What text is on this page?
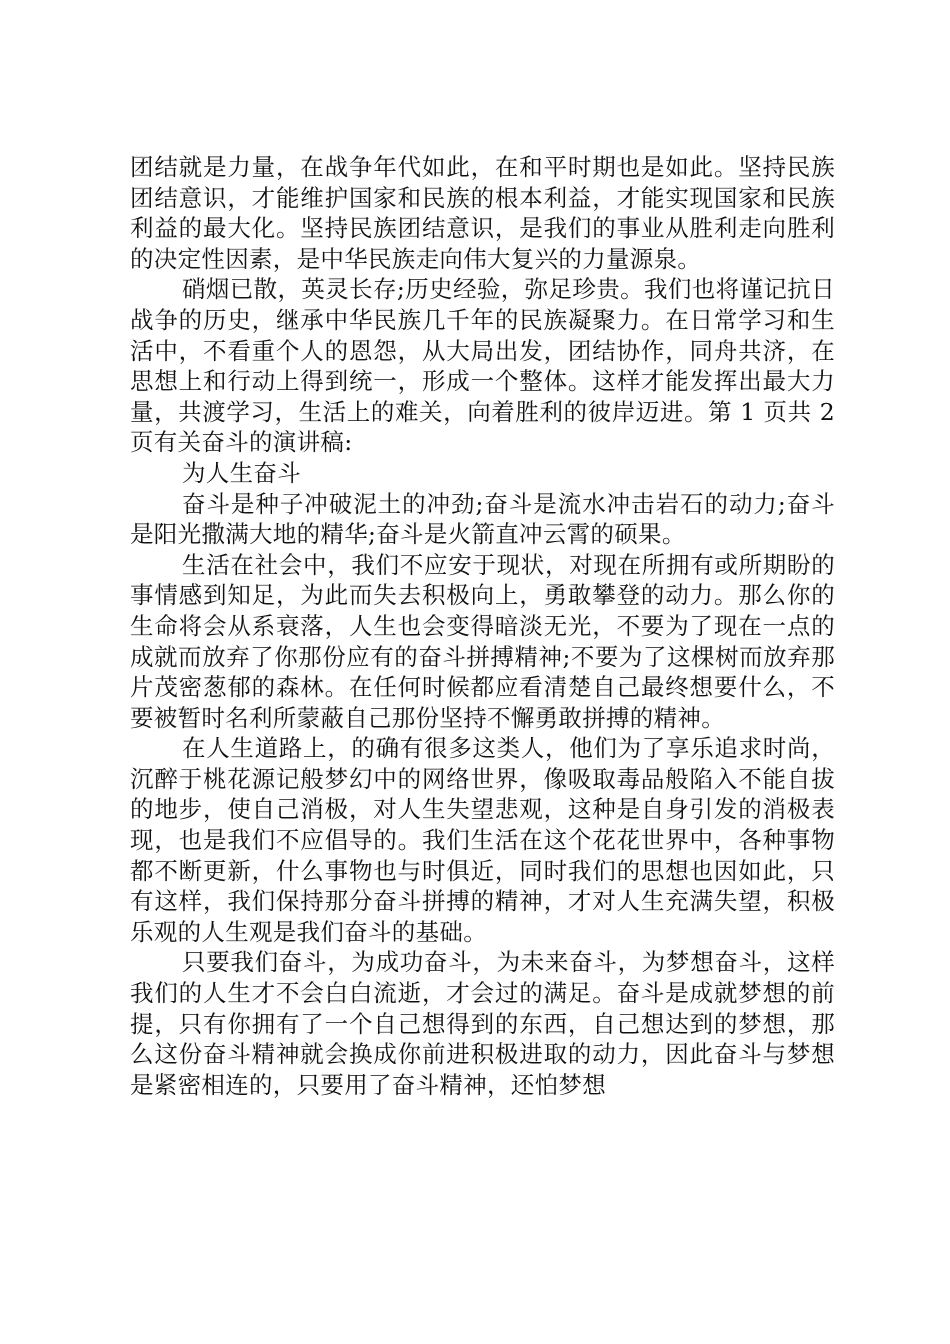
团结就是力量，在战争年代如此，在和平时期也是如此。坚持民族团结意识，才能维护国家和民族的根本利益，才能实现国家和民族利益的最大化。坚持民族团结意识，是我们的事业从胜利走向胜利的决定性因素，是中华民族走向伟大复兴的力量源泉。

硝烟已散，英灵长存;历史经验，弥足珍贵。我们也将谨记抗日战争的历史，继承中华民族几千年的民族凝聚力。在日常学习和生活中，不看重个人的恩怨，从大局出发，团结协作，同舟共济，在思想上和行动上得到统一，形成一个整体。这样才能发挥出最大力量，共渡学习，生活上的难关，向着胜利的彼岸迈进。第 1 页共 2 页有关奋斗的演讲稿:

为人生奋斗

奋斗是种子冲破泥土的冲劲;奋斗是流水冲击岩石的动力;奋斗是阳光撒满大地的精华;奋斗是火箭直冲云霄的硕果。

生活在社会中，我们不应安于现状，对现在所拥有或所期盼的事情感到知足，为此而失去积极向上，勇敢攀登的动力。那么你的生命将会从系衰落，人生也会变得暗淡无光，不要为了现在一点的成就而放弃了你那份应有的奋斗拼搏精神;不要为了这棵树而放弃那片茂密葱郁的森林。在任何时候都应看清楚自己最终想要什么，不要被暂时名利所蒙蔽自己那份坚持不懈勇敢拼搏的精神。

在人生道路上，的确有很多这类人，他们为了享乐追求时尚，沉醉于桃花源记般梦幻中的网络世界，像吸取毒品般陷入不能自拔的地步，使自己消极，对人生失望悲观，这种是自身引发的消极表现，也是我们不应倡导的。我们生活在这个花花世界中，各种事物都不断更新，什么事物也与时俱近，同时我们的思想也因如此，只有这样，我们保持那分奋斗拼搏的精神，才对人生充满失望，积极乐观的人生观是我们奋斗的基础。

只要我们奋斗，为成功奋斗，为未来奋斗，为梦想奋斗，这样我们的人生才不会白白流逝，才会过的满足。奋斗是成就梦想的前提，只有你拥有了一个自己想得到的东西，自己想达到的梦想，那么这份奋斗精神就会换成你前进积极进取的动力，因此奋斗与梦想是紧密相连的，只要用了奋斗精神，还怕梦想
